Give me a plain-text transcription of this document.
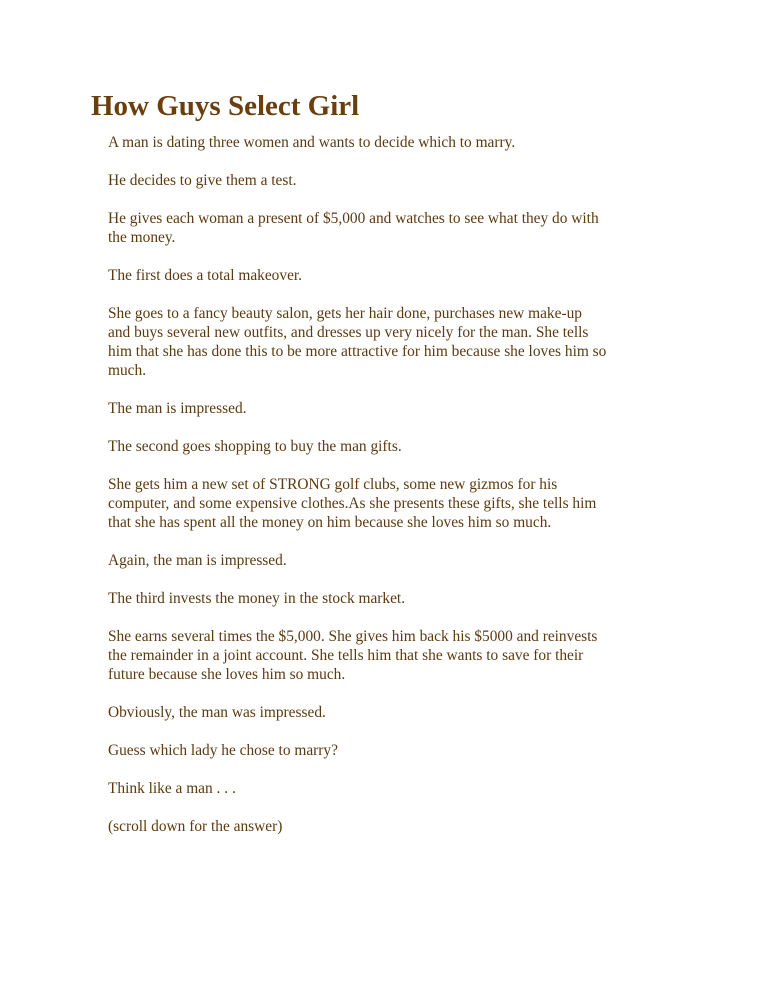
How Guys Select Girl

A man is dating three women and wants to decide which to marry.

He decides to give them a test.

He gives each woman a present of $5,000 and watches to see what they do with
the money.

The first does a total makeover.

She goes to a fancy beauty salon, gets her hair done, purchases new make-up
and buys several new outfits, and dresses up very nicely for the man. She tells
him that she has done this to be more attractive for him because she loves him so
much.

The man is impressed.

The second goes shopping to buy the man gifts.

She gets him a new set of STRONG golf clubs, some new gizmos for his
computer, and some expensive clothes.As she presents these gifts, she tells him
that she has spent all the money on him because she loves him so much.

Again, the man is impressed.

The third invests the money in the stock market.

She earns several times the $5,000. She gives him back his $5000 and reinvests
the remainder in a joint account. She tells him that she wants to save for their
future because she loves him so much.

Obviously, the man was impressed.

Guess which lady he chose to marry?

Think like a man . . .

(scroll down for the answer)
